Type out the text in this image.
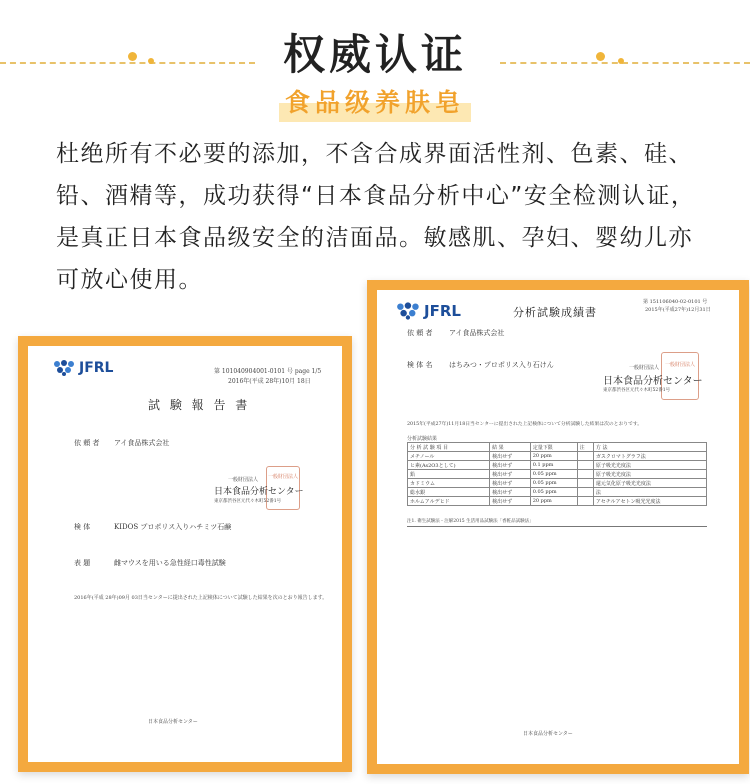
权威认证
食品级养肤皂
杜绝所有不必要的添加，不含合成界面活性剂、色素、硅、铅、酒精等，成功获得“日本食品分析中心”安全检测认证，是真正日本食品级安全的洁面品。敏感肌、孕妇、婴幼儿亦可放心使用。
JFRL	第 101040904001-0101 号 page 1/5
2016年(平成 28年)10月 18日
試 験 報 告 書
依 頼 者 アイ食品株式会社
一般財団法人
一般財団法人
日本食品分析センター
東京都渋谷区元代々木町52番1号
検 体	KIDOS プロポリス入りハチミツ石鹸
表 題	雌マウスを用いる急性経口毒性試験
2016年(平成 28年)09月 03日当センターに提出された上記検体について試験した結果を次のとおり報告します。
日本食品分析センター
JFRL	分析試験成績書
第 151106040-02-0101 号
2015年(平成27年)12月31日
依 頼 者 アイ食品株式会社
検 体 名 はちみつ・プロポリス入り石けん	一般財団法人
一般財団法人
日本食品分析センター
東京都渋谷区元代々木町52番1号
2015年(平成27年)11月18日当センターに提出された上記検体について分析試験した結果は次のとおりです。
分析試験結果
分 析 試 験 項 目	結 果	定量下限	注	方 法
メチノール	検出せず	20 ppm		ガスクロマトグラフ法
ヒ素(As2O3として)	検出せず	0.1 ppm		原子吸光光度法
鉛	検出せず	0.05 ppm		原子吸光光度法
カドミウム	検出せず	0.05 ppm		還元気化原子吸光光度法
総水銀	検出せず	0.05 ppm		法
ホルムアルデヒド	検出せず	20 ppm		アセチルアセトン吸光光度法
注1. 衛生試験法・注解2015 生活用品試験法「香粧品試験法」
日本食品分析センター
